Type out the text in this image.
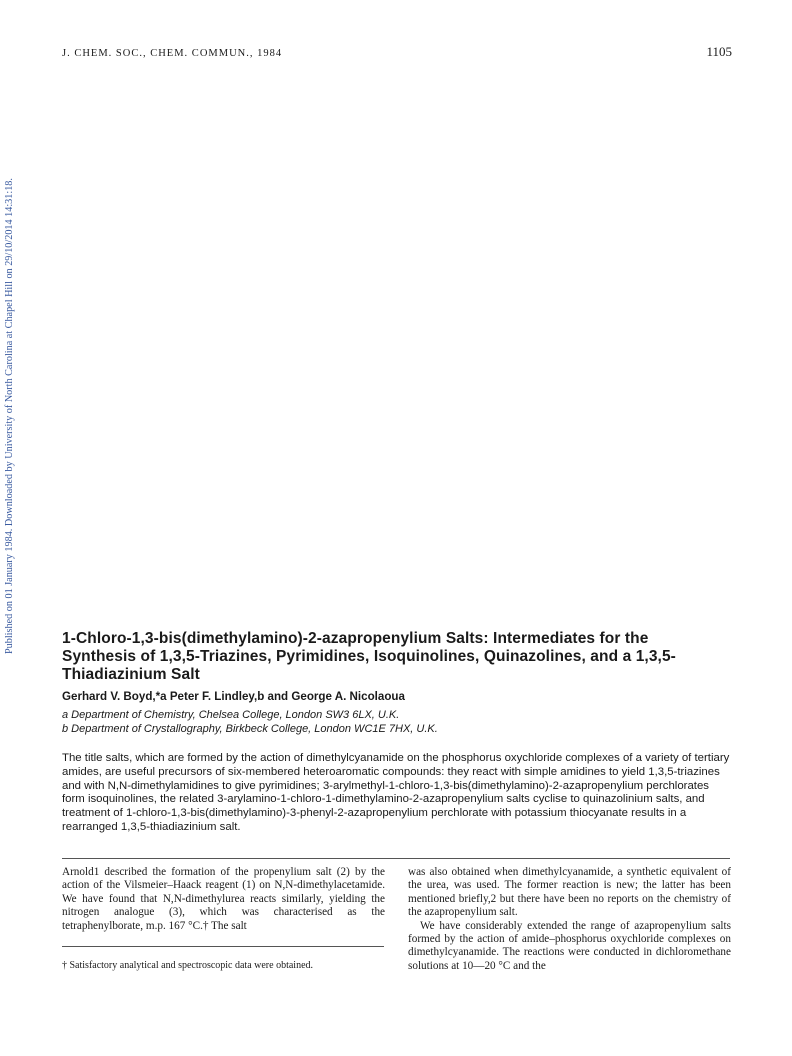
J. CHEM. SOC., CHEM. COMMUN., 1984	1105
Published on 01 January 1984. Downloaded by University of North Carolina at Chapel Hill on 29/10/2014 14:31:18.	1-Chloro-1,3-bis(dimethylamino)-2-azapropenylium Salts: Intermediates for the Synthesis of 1,3,5-Triazines, Pyrimidines, Isoquinolines, Quinazolines, and a 1,3,5-Thiadiazinium Salt
Gerhard V. Boyd,*a Peter F. Lindley,b and George A. Nicolaoua
a Department of Chemistry, Chelsea College, London SW3 6LX, U.K.
b Department of Crystallography, Birkbeck College, London WC1E 7HX, U.K.

The title salts, which are formed by the action of dimethylcyanamide on the phosphorus oxychloride complexes of a variety of tertiary amides, are useful precursors of six-membered heteroaromatic compounds: they react with simple amidines to yield 1,3,5-triazines and with N,N-dimethylamidines to give pyrimidines; 3-arylmethyl-1-chloro-1,3-bis(dimethylamino)-2-azapropenylium perchlorates form isoquinolines, the related 3-arylamino-1-chloro-1-dimethylamino-2-azapropenylium salts cyclise to quinazolinium salts, and treatment of 1-chloro-1,3-bis(dimethylamino)-3-phenyl-2-azapropenylium perchlorate with potassium thiocyanate results in a rearranged 1,3,5-thiadiazinium salt.

Arnold1 described the formation of the propenylium salt (2) by the action of the Vilsmeier–Haack reagent (1) on N,N-dimethylacetamide. We have found that N,N-dimethylurea reacts similarly, yielding the nitrogen analogue (3), which was characterised as the tetraphenylborate, m.p. 167 °C.† The salt

† Satisfactory analytical and spectroscopic data were obtained.

was also obtained when dimethylcyanamide, a synthetic equivalent of the urea, was used. The former reaction is new; the latter has been mentioned briefly,2 but there have been no reports on the chemistry of the azapropenylium salt.

We have considerably extended the range of azapropenylium salts formed by the action of amide–phosphorus oxychloride complexes on dimethylcyanamide. The reactions were conducted in dichloromethane solutions at 10—20 °C and the
